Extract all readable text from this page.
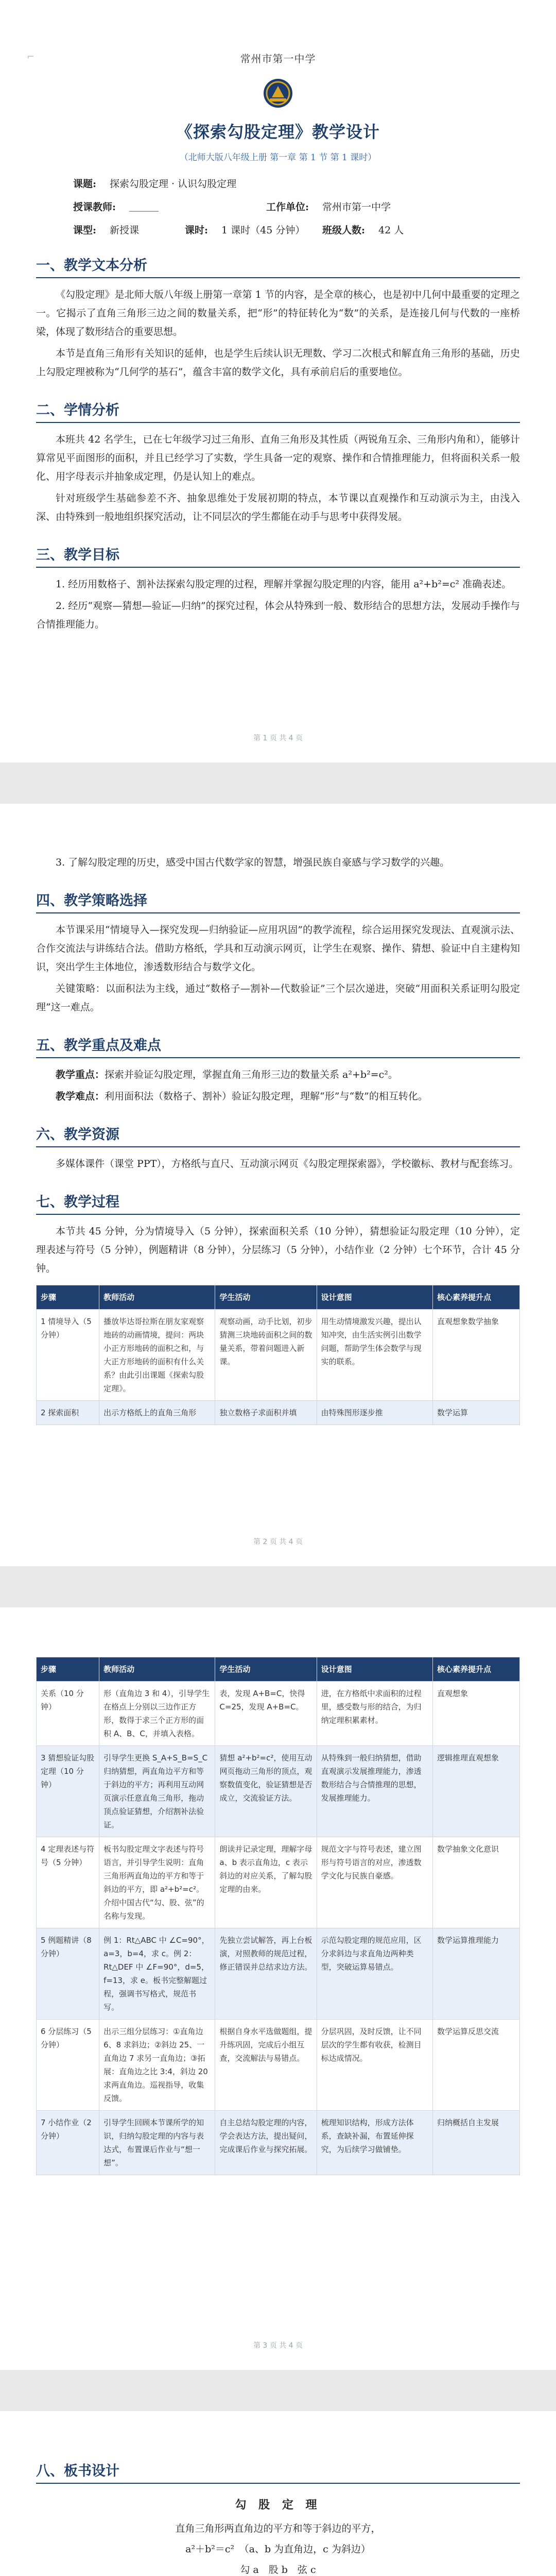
⌐	常州市第一中学
《探索勾股定理》教学设计
（北师大版八年级上册 第一章 第 1 节 第 1 课时）
课题: 探索勾股定理 · 认识勾股定理
授课教师: ＿＿＿	工作单位: 常州市第一中学
课型: 新授课	课时: 1 课时（45 分钟）	班级人数: 42 人
一、教学文本分析

《勾股定理》是北师大版八年级上册第一章第 1 节的内容，是全章的核心，也是初中几何中最重要的定理之一。它揭示了直角三角形三边之间的数量关系，把“形”的特征转化为“数”的关系，是连接几何与代数的一座桥梁，体现了数形结合的重要思想。

本节是直角三角形有关知识的延伸，也是学生后续认识无理数、学习二次根式和解直角三角形的基础，历史上勾股定理被称为“几何学的基石”，蕴含丰富的数学文化，具有承前启后的重要地位。

二、学情分析

本班共 42 名学生，已在七年级学习过三角形、直角三角形及其性质（两锐角互余、三角形内角和），能够计算常见平面图形的面积，并且已经学习了实数，学生具备一定的观察、操作和合情推理能力，但将面积关系一般化、用字母表示并抽象成定理，仍是认知上的难点。

针对班级学生基础参差不齐、抽象思维处于发展初期的特点，本节课以直观操作和互动演示为主，由浅入深、由特殊到一般地组织探究活动，让不同层次的学生都能在动手与思考中获得发展。

三、教学目标

1. 经历用数格子、割补法探索勾股定理的过程，理解并掌握勾股定理的内容，能用 a²+b²=c² 准确表述。

2. 经历“观察—猜想—验证—归纳”的探究过程，体会从特殊到一般、数形结合的思想方法，发展动手操作与合情推理能力。

第 1 页 共 4 页

3. 了解勾股定理的历史，感受中国古代数学家的智慧，增强民族自豪感与学习数学的兴趣。

四、教学策略选择

本节课采用“情境导入—探究发现—归纳验证—应用巩固”的教学流程，综合运用探究发现法、直观演示法、合作交流法与讲练结合法。借助方格纸，学具和互动演示网页，让学生在观察、操作、猜想、验证中自主建构知识，突出学生主体地位，渗透数形结合与数学文化。

关键策略：以面积法为主线，通过“数格子—割补—代数验证”三个层次递进，突破“用面积关系证明勾股定理”这一难点。

五、教学重点及难点

教学重点：探索并验证勾股定理，掌握直角三角形三边的数量关系 a²+b²=c²。

教学难点：利用面积法（数格子、割补）验证勾股定理，理解“形”与“数”的相互转化。

六、教学资源

多媒体课件（课堂 PPT），方格纸与直尺、互动演示网页《勾股定理探索器》，学校徽标、教材与配套练习。

七、教学过程

本节共 45 分钟，分为情境导入（5 分钟），探索面积关系（10 分钟），猜想验证勾股定理（10 分钟），定理表述与符号（5 分钟），例题精讲（8 分钟），分层练习（5 分钟），小结作业（2 分钟）七个环节，合计 45 分钟。

步骤	教师活动	学生活动	设计意图	核心素养提升点
1 情境导入（5 分钟）	播放毕达哥拉斯在朋友家观察地砖的动画情境，提问：两块小正方形地砖的面积之和，与大正方形地砖的面积有什么关系？由此引出课题《探索勾股定理》。	观察动画，动手比划，初步猜测三块地砖面积之间的数量关系，带着问题进入新课。	用生动情境激发兴趣，提出认知冲突，由生活实例引出数学问题，帮助学生体会数学与现实的联系。	直观想象数学抽象
2 探索面积	出示方格纸上的直角三角形	独立数格子求面积并填	由特殊图形逐步推	数学运算
第 2 页 共 4 页
步骤	教师活动	学生活动	设计意图	核心素养提升点
关系（10 分钟）	形（直角边 3 和 4），引导学生在格点上分别以三边作正方形，数得于求三个正方形的面积 A、B、C，并填入表格。	表，发现 A+B=C，快得 C=25，发现 A+B=C。	进，在方格纸中求面积的过程里，感受数与形的结合，为归纳定理积累素材。	直观想象
3 猜想验证勾股定理（10 分钟）	引导学生更换 S_A+S_B=S_C 归纳猜想，两直角边平方和等于斜边的平方；再利用互动网页演示任意直角三角形，拖动顶点验证猜想，介绍割补法验证。	猜想 a²+b²=c²，使用互动网页拖动三角形的顶点，观察数值变化，验证猜想是否成立，交流验证方法。	从特殊到一般归纳猜想，借助直观演示发展推理能力，渗透数形结合与合情推理的思想，发展推理能力。	逻辑推理直观想象
4 定理表述与符号（5 分钟）	板书勾股定理文字表述与符号语言，并引导学生说明：直角三角形两直角边的平方和等于斜边的平方，即 a²+b²=c²。介绍中国古代“勾、股、弦”的名称与发现。	朗读并记录定理，理解字母 a、b 表示直角边，c 表示斜边的对应关系，了解勾股定理的由来。	规范文字与符号表述，建立图形与符号语言的对应，渗透数学文化与民族自豪感。	数学抽象文化意识
5 例题精讲（8 分钟）	例 1：Rt△ABC 中 ∠C=90°，a=3，b=4，求 c。例 2：Rt△DEF 中 ∠F=90°，d=5，f=13，求 e。板书完整解题过程，强调书写格式，规范书写。	先独立尝试解答，再上台板演，对照教师的规范过程，修正错误并总结求边方法。	示范勾股定理的规范应用，区分求斜边与求直角边两种类型，突破运算易错点。	数学运算推理能力
6 分层练习（5 分钟）	出示三组分层练习：①直角边 6、8 求斜边；②斜边 25、一直角边 7 求另一直角边；③拓展：直角边之比 3:4，斜边 20 求两直角边。巡视指导，收集反馈。	根据自身水平选做题组，提升练巩固，完成后小组互查，交流解法与易错点。	分层巩固，及时反馈，让不同层次的学生都有收获，检测目标达成情况。	数学运算反思交流
7 小结作业（2 分钟）	引导学生回顾本节课所学的知识，归纳勾股定理的内容与表达式，布置课后作业与“想一想”。	自主总结勾股定理的内容，学会表达方法，提出疑问，完成课后作业与探究拓展。	梳理知识结构，形成方法体系，查缺补漏，布置延伸探究，为后续学习做铺垫。	归纳概括自主发展
第 3 页 共 4 页
八、板书设计

勾 股 定 理

直角三角形两直角边的平方和等于斜边的平方，

a²＋b²＝c²　（a、b 为直角边，c 为斜边）

勾 a　股 b　弦 c
